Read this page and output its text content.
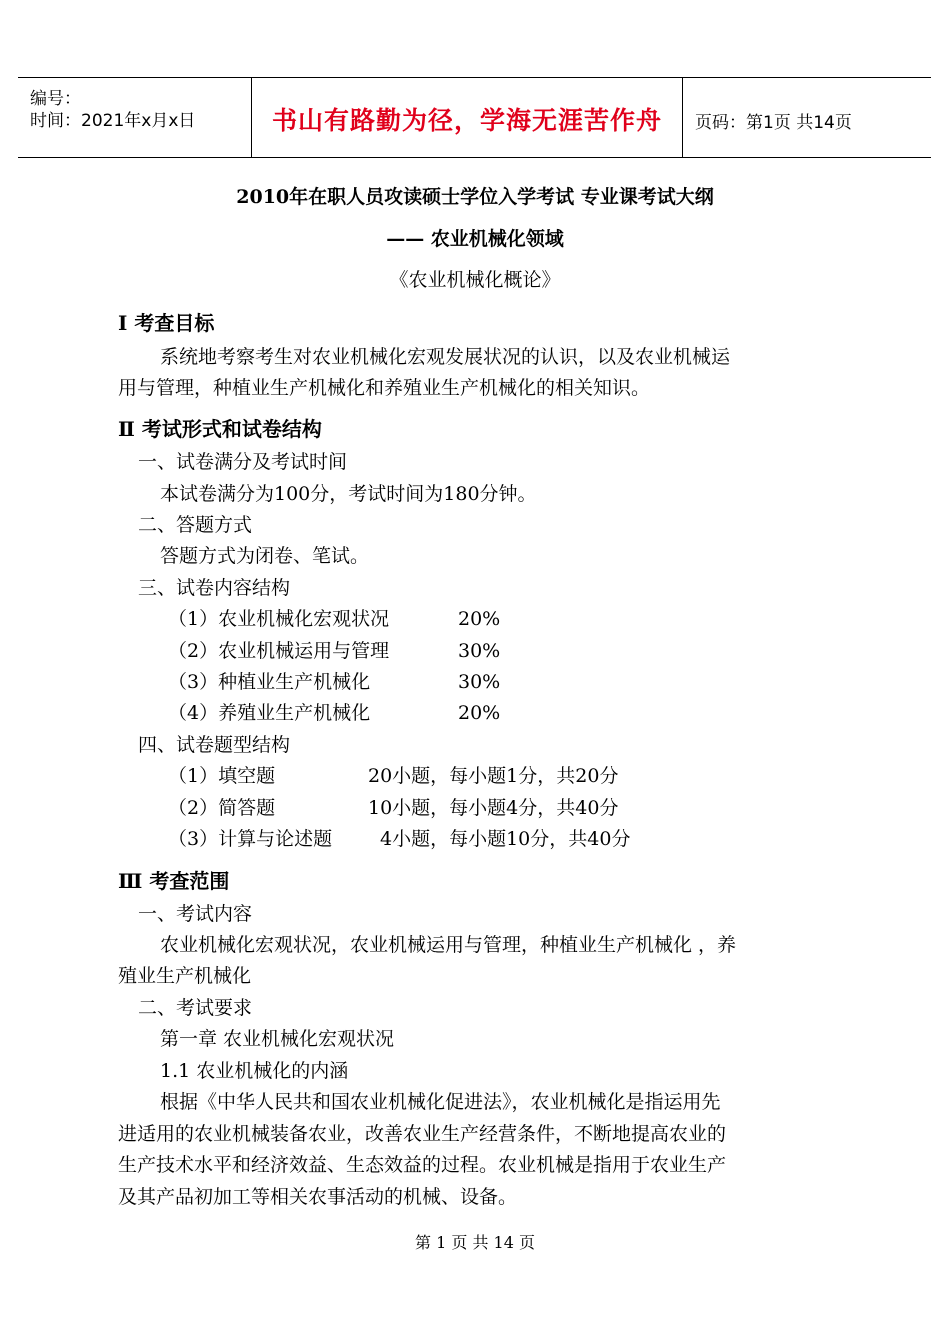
编号：
时间：2021年x月x日	书山有路勤为径，学海无涯苦作舟	页码：第1页 共14页
2010年在职人员攻读硕士学位入学考试 专业课考试大纲
—— 农业机械化领域
《农业机械化概论》
Ⅰ 考查目标
系统地考察考生对农业机械化宏观发展状况的认识，以及农业机械运
用与管理，种植业生产机械化和养殖业生产机械化的相关知识。
Ⅱ 考试形式和试卷结构
一、试卷满分及考试时间
本试卷满分为100分，考试时间为180分钟。
二、答题方式
答题方式为闭卷、笔试。
三、试卷内容结构
（1）农业机械化宏观状况	20%
（2）农业机械运用与管理	30%
（3）种植业生产机械化	30%
（4）养殖业生产机械化	20%
四、试卷题型结构
（1）填空题	20小题，每小题1分，共20分
（2）简答题	10小题，每小题4分，共40分
（3）计算与论述题	4小题，每小题10分，共40分
Ⅲ 考查范围
一、考试内容
农业机械化宏观状况，农业机械运用与管理，种植业生产机械化 ，养
殖业生产机械化
二、考试要求
第一章 农业机械化宏观状况
1.1 农业机械化的内涵
根据《中华人民共和国农业机械化促进法》，农业机械化是指运用先
进适用的农业机械装备农业，改善农业生产经营条件，不断地提高农业的
生产技术水平和经济效益、生态效益的过程。农业机械是指用于农业生产
及其产品初加工等相关农事活动的机械、设备。
第 1 页 共 14 页
